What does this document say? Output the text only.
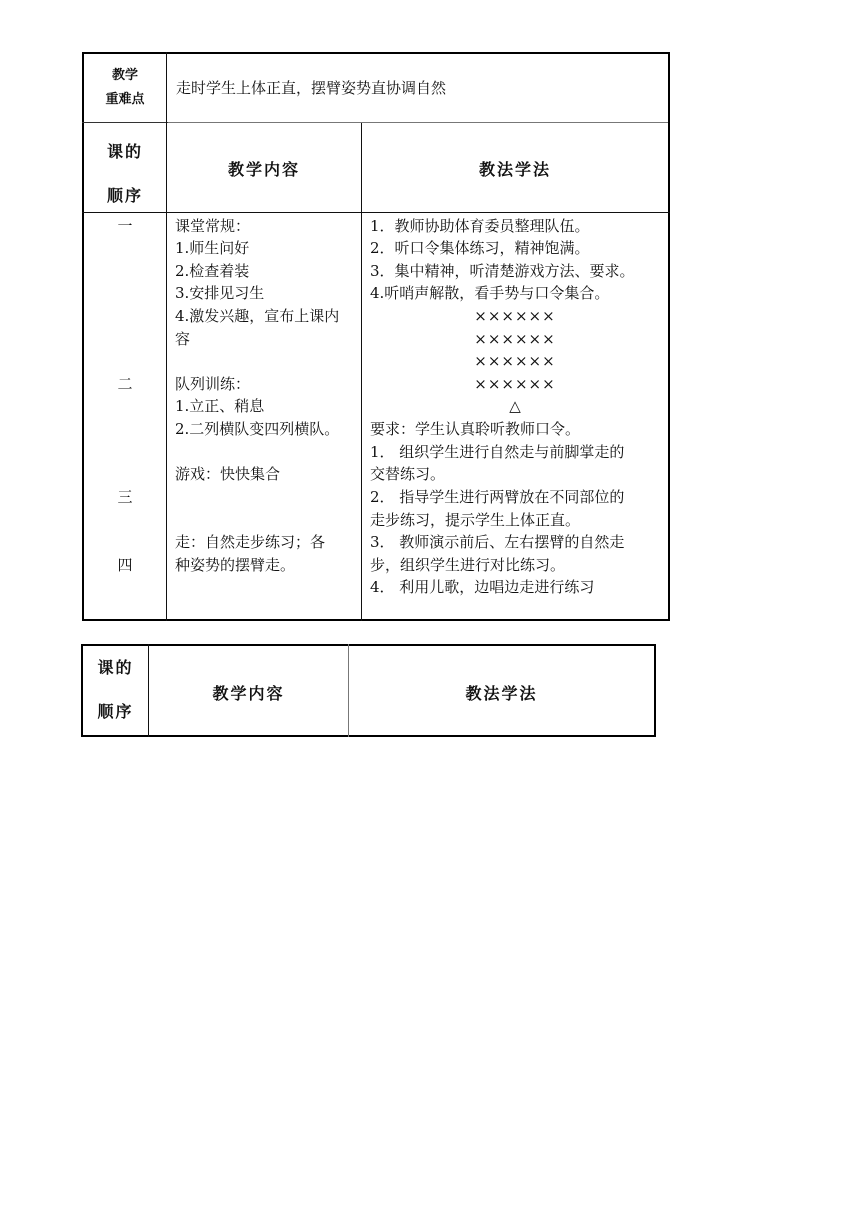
教学
重难点
走时学生上体正直，摆臂姿势直协调自然
课的
顺序
教学内容	教法学法
一
二
三
四
课堂常规：
1.师生问好
2.检查着装
3.安排见习生
4.激发兴趣，宣布上课内
容
队列训练：
1.立正、稍息
2.二列横队变四列横队。
游戏：快快集合
走：自然走步练习；各
种姿势的摆臂走。
1．教师协助体育委员整理队伍。
2．听口令集体练习，精神饱满。
3．集中精神，听清楚游戏方法、要求。
4.听哨声解散，看手势与口令集合。
××××××
××××××
××××××
××××××
△
要求：学生认真聆听教师口令。
1． 组织学生进行自然走与前脚掌走的
交替练习。
2． 指导学生进行两臂放在不同部位的
走步练习，提示学生上体正直。
3． 教师演示前后、左右摆臂的自然走
步，组织学生进行对比练习。
4． 利用儿歌，边唱边走进行练习
课的
顺序
教学内容	教法学法
